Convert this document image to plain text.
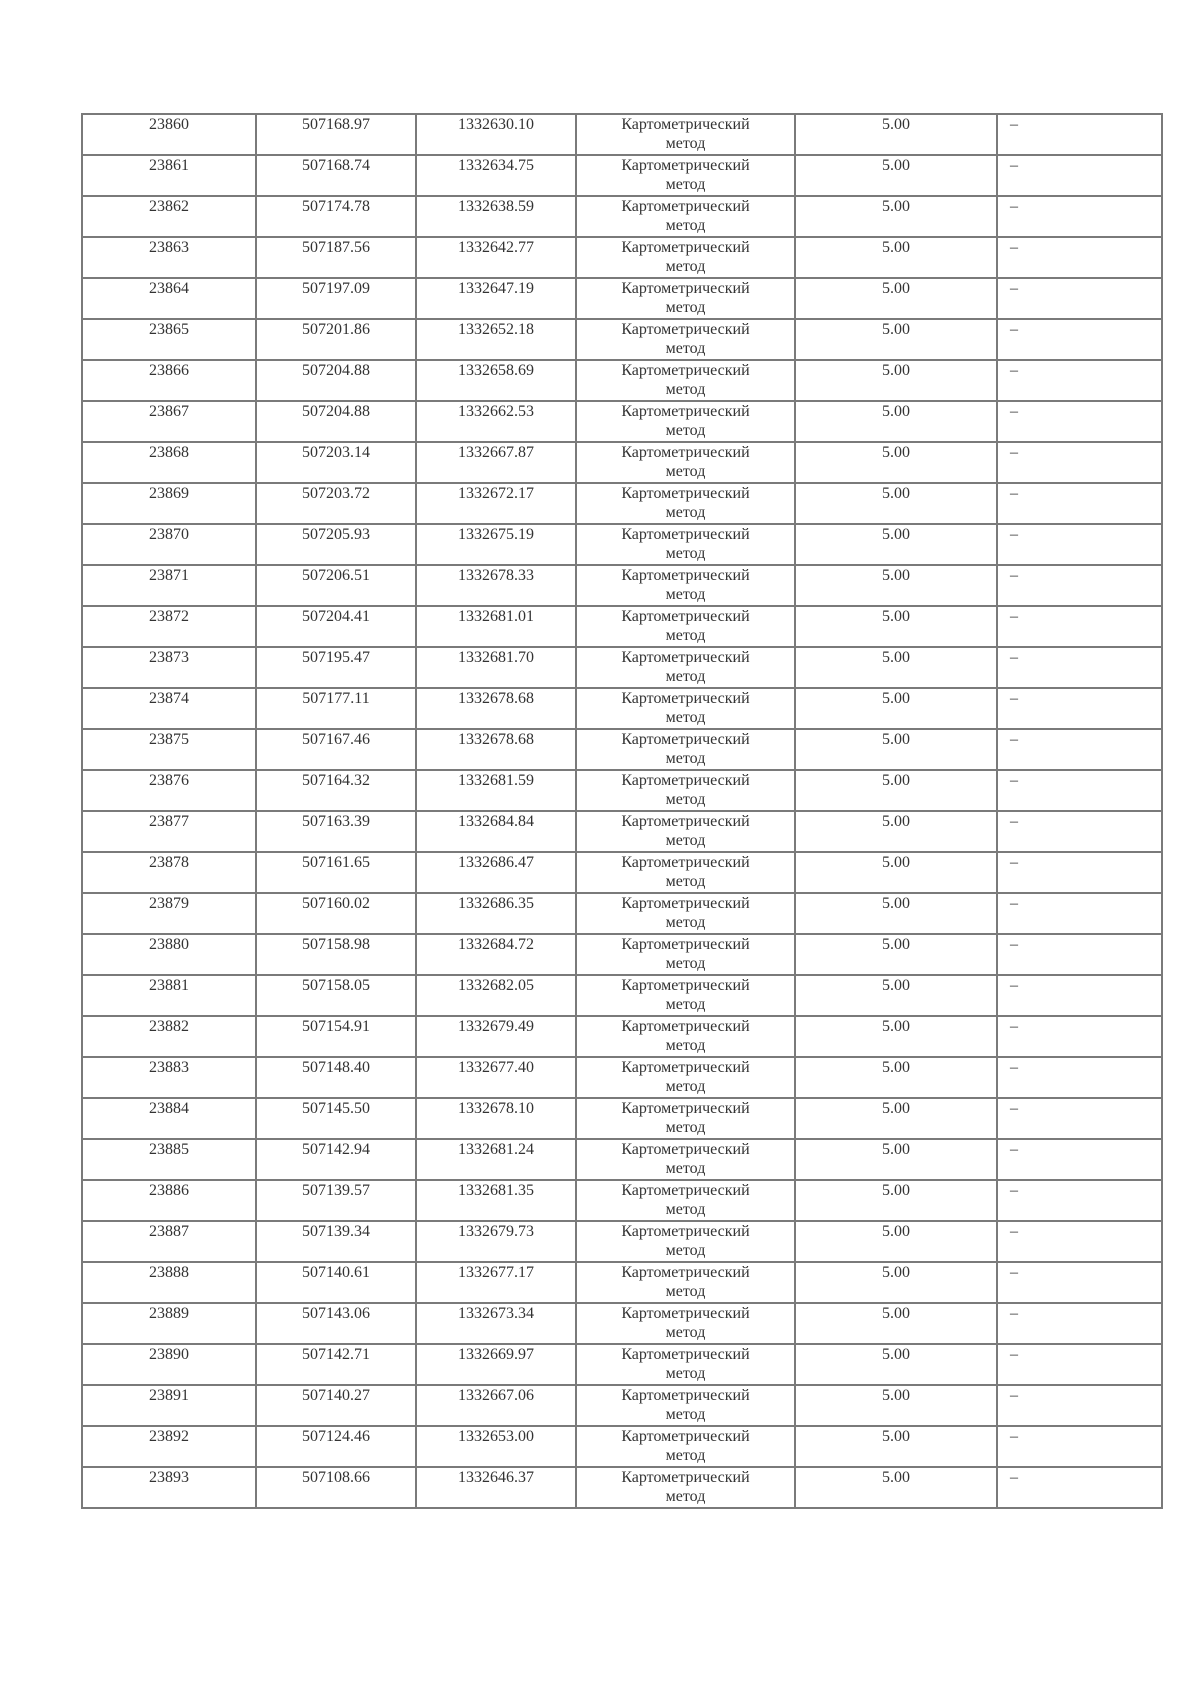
23860	507168.97	1332630.10	Картометрический метод	5.00	–
23861	507168.74	1332634.75	Картометрический метод	5.00	–
23862	507174.78	1332638.59	Картометрический метод	5.00	–
23863	507187.56	1332642.77	Картометрический метод	5.00	–
23864	507197.09	1332647.19	Картометрический метод	5.00	–
23865	507201.86	1332652.18	Картометрический метод	5.00	–
23866	507204.88	1332658.69	Картометрический метод	5.00	–
23867	507204.88	1332662.53	Картометрический метод	5.00	–
23868	507203.14	1332667.87	Картометрический метод	5.00	–
23869	507203.72	1332672.17	Картометрический метод	5.00	–
23870	507205.93	1332675.19	Картометрический метод	5.00	–
23871	507206.51	1332678.33	Картометрический метод	5.00	–
23872	507204.41	1332681.01	Картометрический метод	5.00	–
23873	507195.47	1332681.70	Картометрический метод	5.00	–
23874	507177.11	1332678.68	Картометрический метод	5.00	–
23875	507167.46	1332678.68	Картометрический метод	5.00	–
23876	507164.32	1332681.59	Картометрический метод	5.00	–
23877	507163.39	1332684.84	Картометрический метод	5.00	–
23878	507161.65	1332686.47	Картометрический метод	5.00	–
23879	507160.02	1332686.35	Картометрический метод	5.00	–
23880	507158.98	1332684.72	Картометрический метод	5.00	–
23881	507158.05	1332682.05	Картометрический метод	5.00	–
23882	507154.91	1332679.49	Картометрический метод	5.00	–
23883	507148.40	1332677.40	Картометрический метод	5.00	–
23884	507145.50	1332678.10	Картометрический метод	5.00	–
23885	507142.94	1332681.24	Картометрический метод	5.00	–
23886	507139.57	1332681.35	Картометрический метод	5.00	–
23887	507139.34	1332679.73	Картометрический метод	5.00	–
23888	507140.61	1332677.17	Картометрический метод	5.00	–
23889	507143.06	1332673.34	Картометрический метод	5.00	–
23890	507142.71	1332669.97	Картометрический метод	5.00	–
23891	507140.27	1332667.06	Картометрический метод	5.00	–
23892	507124.46	1332653.00	Картометрический метод	5.00	–
23893	507108.66	1332646.37	Картометрический метод	5.00	–
